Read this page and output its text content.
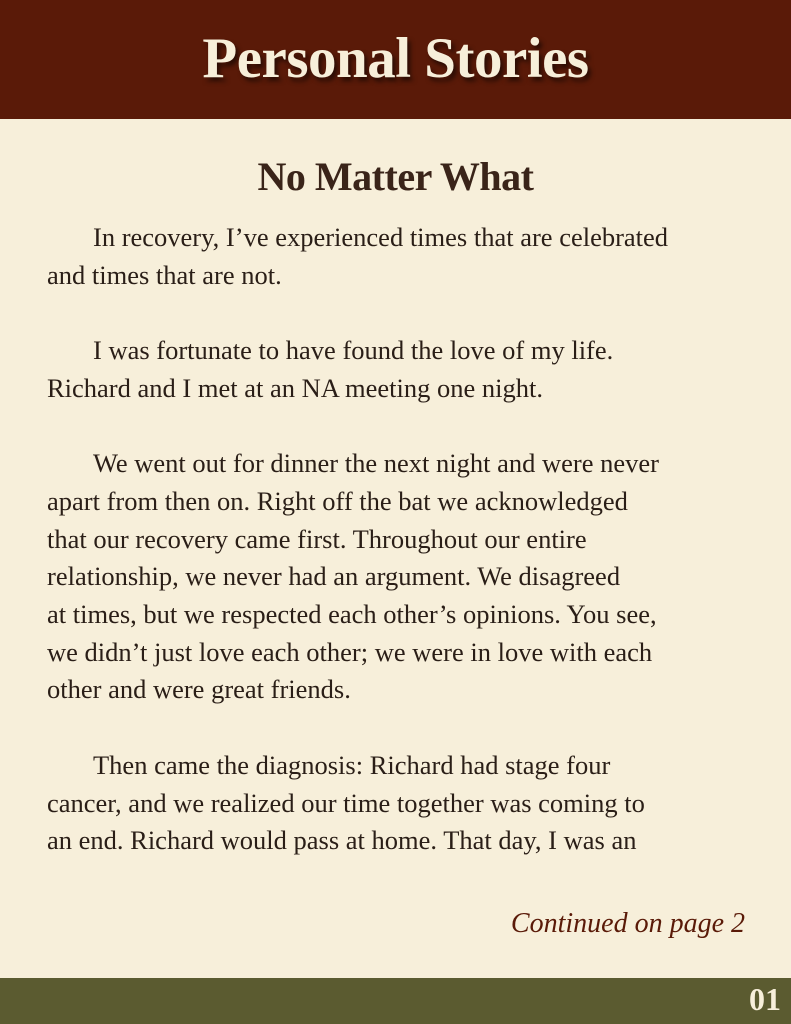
Personal Stories
No Matter What

In recovery, I’ve experienced times that are celebrated
and times that are not.

I was fortunate to have found the love of my life.
Richard and I met at an NA meeting one night.

We went out for dinner the next night and were never
apart from then on. Right off the bat we acknowledged
that our recovery came first. Throughout our entire
relationship, we never had an argument. We disagreed
at times, but we respected each other’s opinions. You see,
we didn’t just love each other; we were in love with each
other and were great friends.

Then came the diagnosis: Richard had stage four
cancer, and we realized our time together was coming to
an end. Richard would pass at home. That day, I was an

Continued on page 2
01
